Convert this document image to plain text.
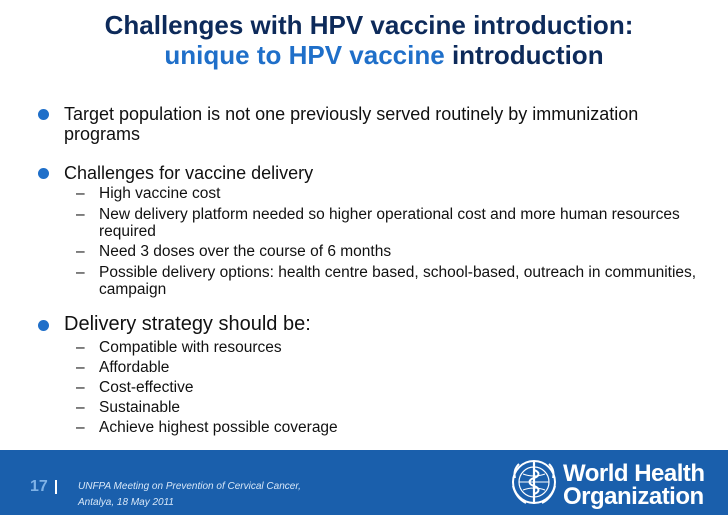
Challenges with HPV vaccine introduction:
unique to HPV vaccine introduction
Target population is not one previously served routinely by immunization
programs
Challenges for vaccine delivery
– High vaccine cost
– New delivery platform needed so higher operational cost and more human resources
required
– Need 3 doses over the course of 6 months
– Possible delivery options: health centre based, school-based, outreach in communities,
campaign
Delivery strategy should be:
– Compatible with resources
– Affordable
– Cost-effective
– Sustainable
– Achieve highest possible coverage
17	UNFPA Meeting on Prevention of Cervical Cancer,
Antalya, 18 May 2011
World Health
Organization
